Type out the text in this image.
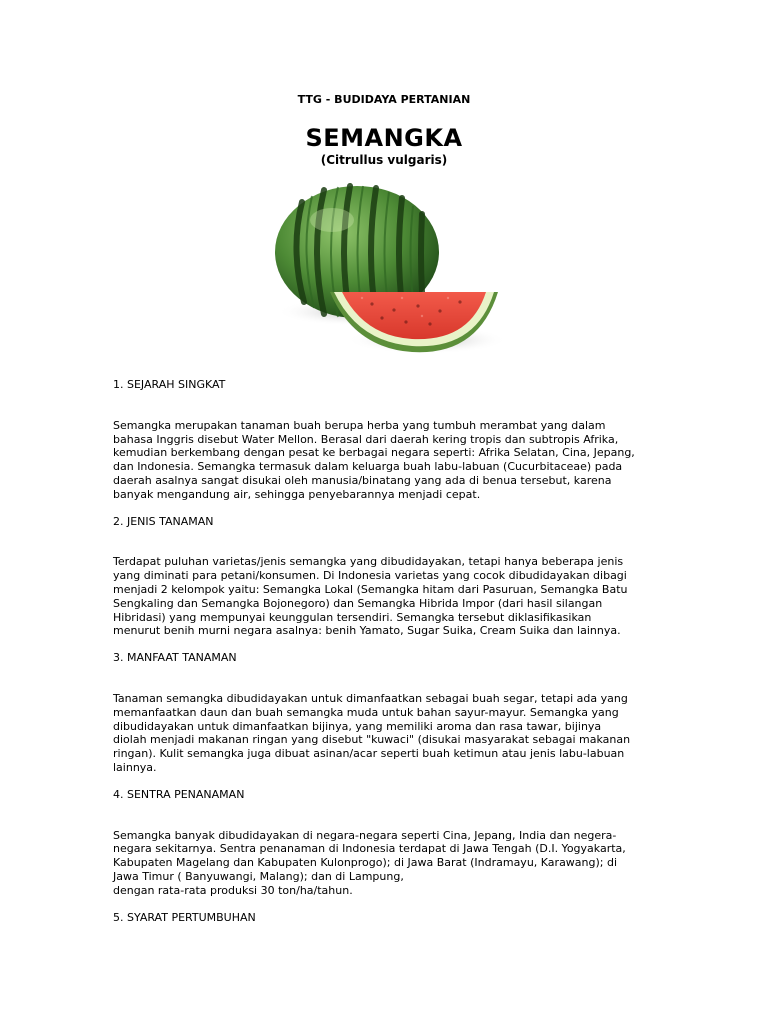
TTG - BUDIDAYA PERTANIAN
SEMANGKA
(Citrullus vulgaris)
1. SEJARAH SINGKAT
Semangka merupakan tanaman buah berupa herba yang tumbuh merambat yang dalam
bahasa Inggris disebut Water Mellon. Berasal dari daerah kering tropis dan subtropis Afrika,
kemudian berkembang dengan pesat ke berbagai negara seperti: Afrika Selatan, Cina, Jepang,
dan Indonesia. Semangka termasuk dalam keluarga buah labu-labuan (Cucurbitaceae) pada
daerah asalnya sangat disukai oleh manusia/binatang yang ada di benua tersebut, karena
banyak mengandung air, sehingga penyebarannya menjadi cepat.
2. JENIS TANAMAN
Terdapat puluhan varietas/jenis semangka yang dibudidayakan, tetapi hanya beberapa jenis
yang diminati para petani/konsumen. Di Indonesia varietas yang cocok dibudidayakan dibagi
menjadi 2 kelompok yaitu: Semangka Lokal (Semangka hitam dari Pasuruan, Semangka Batu
Sengkaling dan Semangka Bojonegoro) dan Semangka Hibrida Impor (dari hasil silangan
Hibridasi) yang mempunyai keunggulan tersendiri. Semangka tersebut diklasifikasikan
menurut benih murni negara asalnya: benih Yamato, Sugar Suika, Cream Suika dan lainnya.
3. MANFAAT TANAMAN
Tanaman semangka dibudidayakan untuk dimanfaatkan sebagai buah segar, tetapi ada yang
memanfaatkan daun dan buah semangka muda untuk bahan sayur-mayur. Semangka yang
dibudidayakan untuk dimanfaatkan bijinya, yang memiliki aroma dan rasa tawar, bijinya
diolah menjadi makanan ringan yang disebut "kuwaci" (disukai masyarakat sebagai makanan
ringan). Kulit semangka juga dibuat asinan/acar seperti buah ketimun atau jenis labu-labuan
lainnya.
4. SENTRA PENANAMAN
Semangka banyak dibudidayakan di negara-negara seperti Cina, Jepang, India dan negera-
negara sekitarnya. Sentra penanaman di Indonesia terdapat di Jawa Tengah (D.I. Yogyakarta,
Kabupaten Magelang dan Kabupaten Kulonprogo); di Jawa Barat (Indramayu, Karawang); di
Jawa Timur ( Banyuwangi, Malang); dan di Lampung,
dengan rata-rata produksi 30 ton/ha/tahun.
5. SYARAT PERTUMBUHAN
